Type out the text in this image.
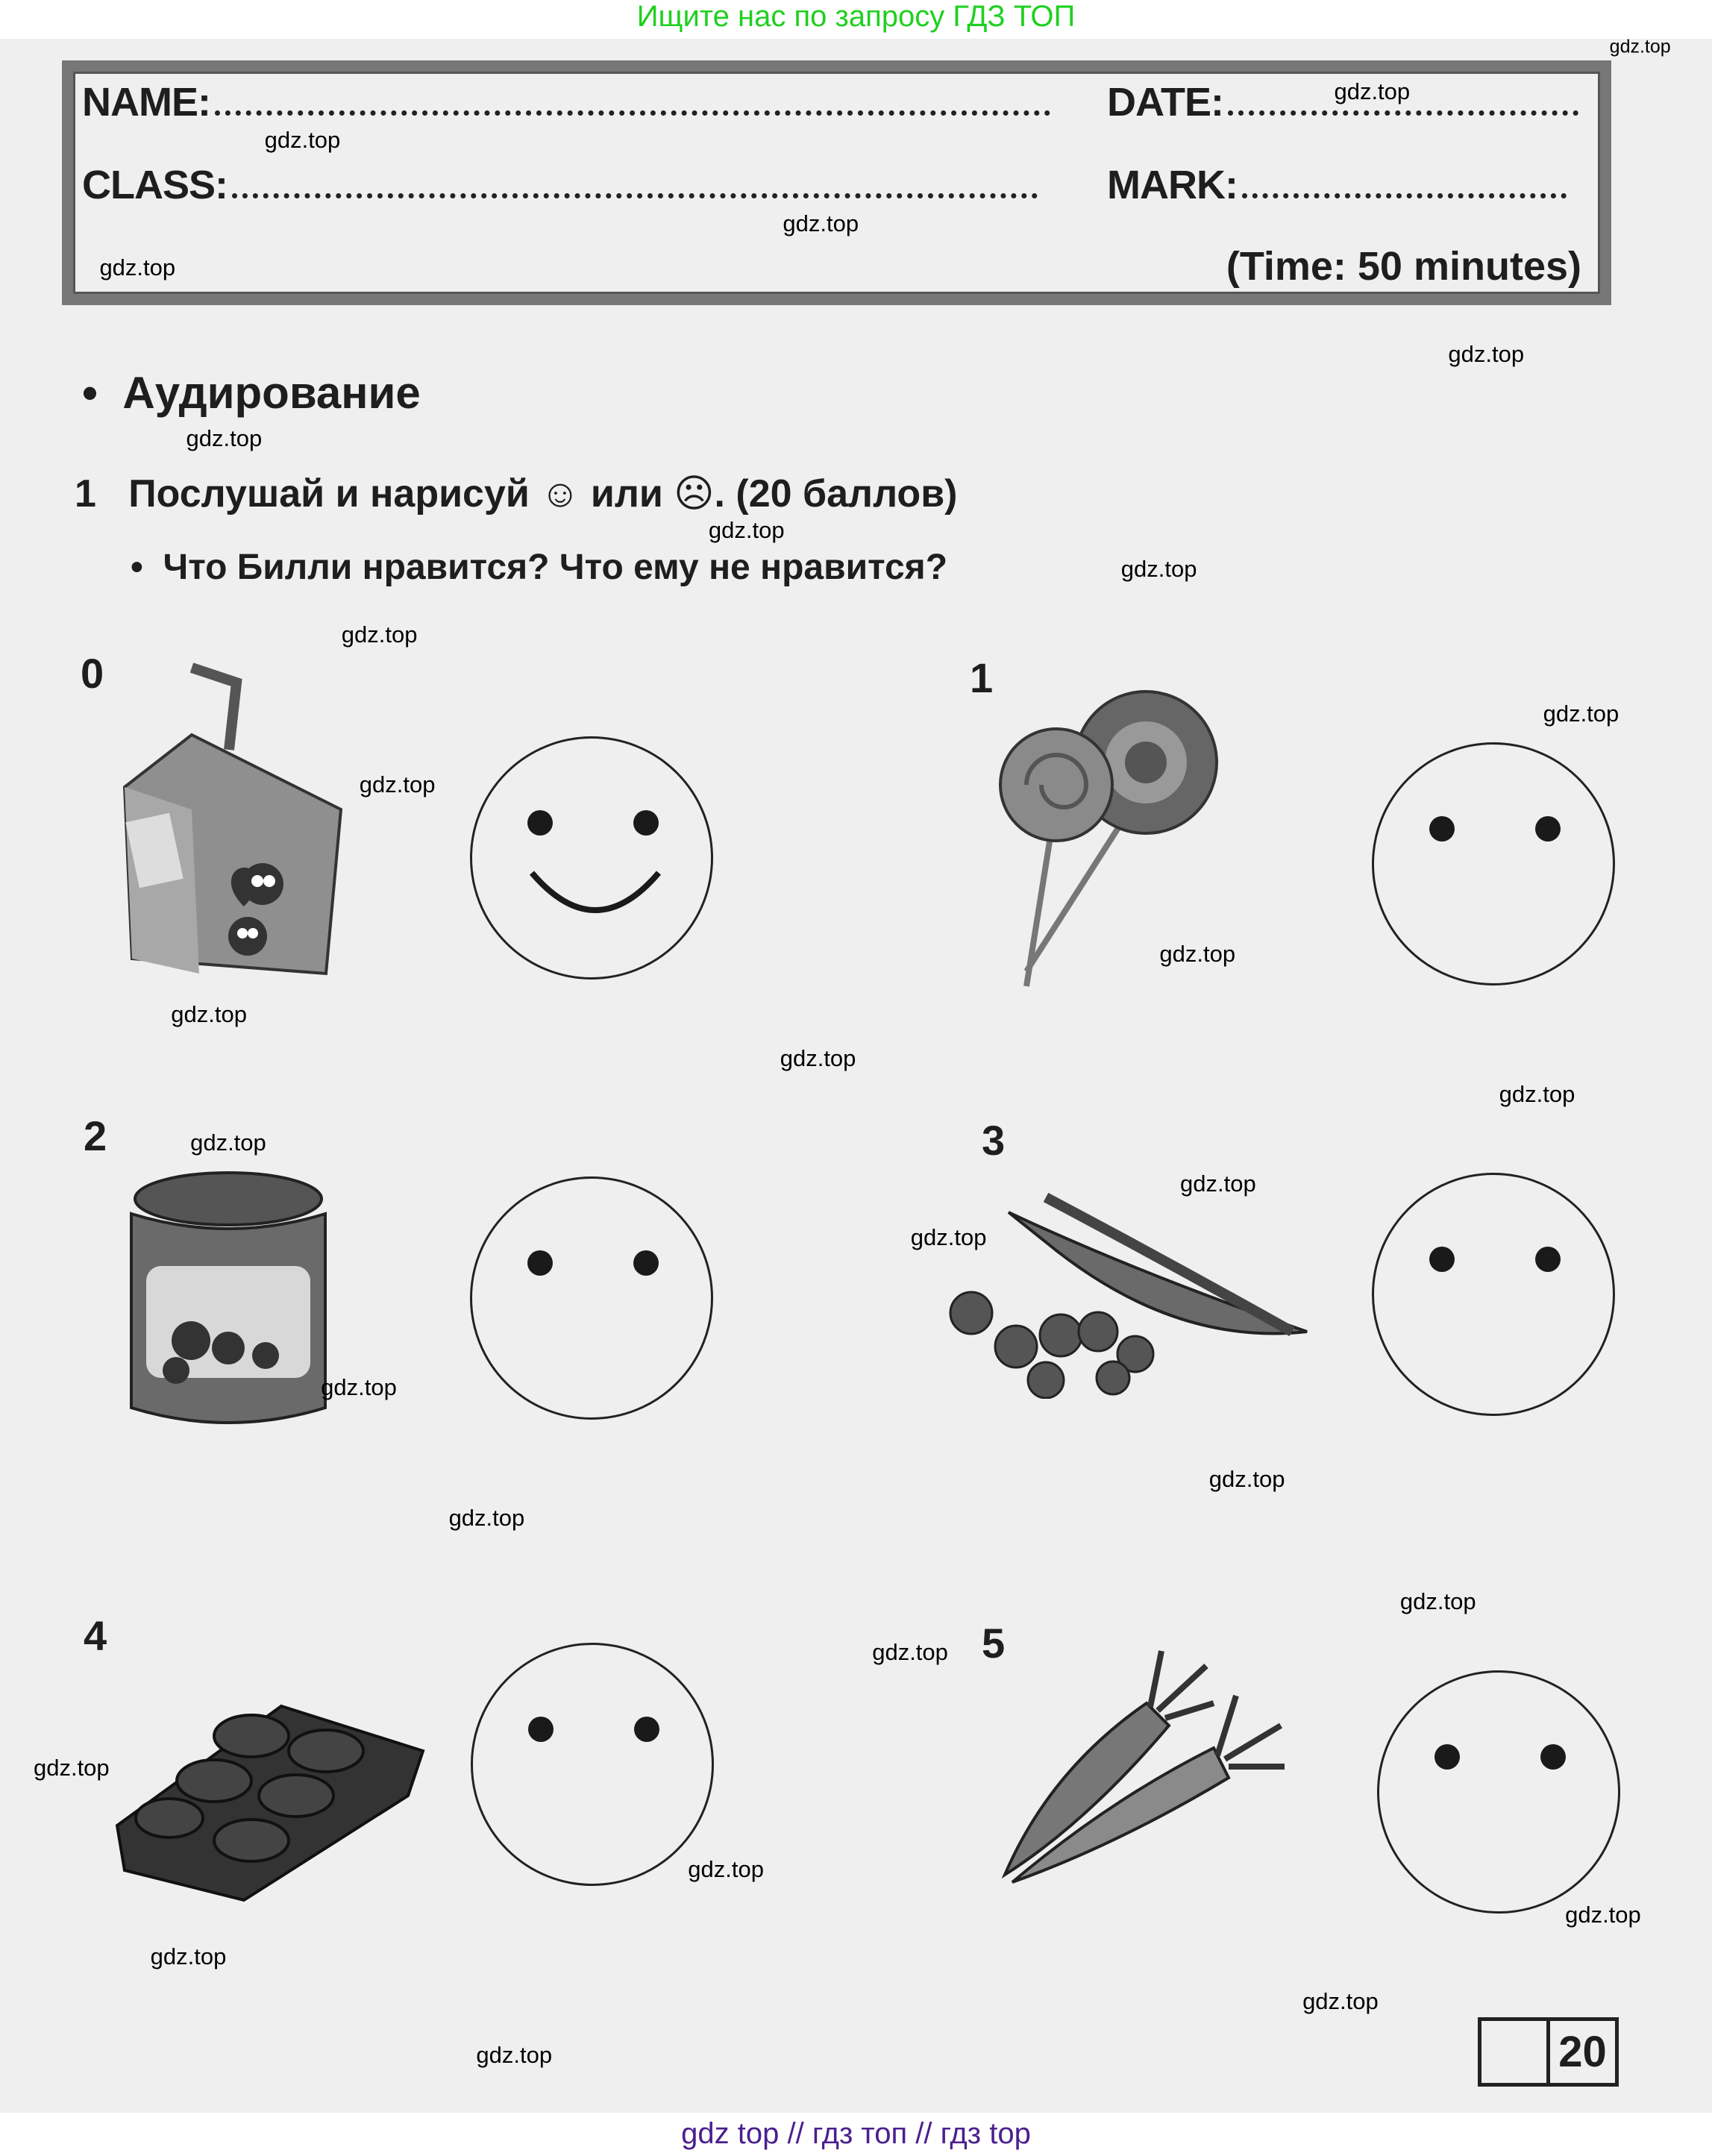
Ищите нас по запросу ГДЗ ТОП
NAME:	DATE:
CLASS:	MARK:
(Time: 50 minutes)
•  Аудирование
1 Послушай и нарисуй ☺ или ☹. (20 баллов)
•  Что Билли нравится? Что ему не нравится?
0	1
2	3
4	5
20
gdz.top
gdz.top
gdz.top
gdz.top
gdz.top
gdz.top
gdz.top
gdz.top
gdz.top
gdz.top
gdz.top
gdz.top
gdz.top
gdz.top
gdz.top
gdz.top
gdz.top
gdz.top
gdz.top
gdz.top
gdz.top
gdz.top
gdz.top
gdz.top
gdz.top
gdz.top
gdz.top
gdz.top
gdz.top
gdz.top
gdz top // гдз топ // гдз top
